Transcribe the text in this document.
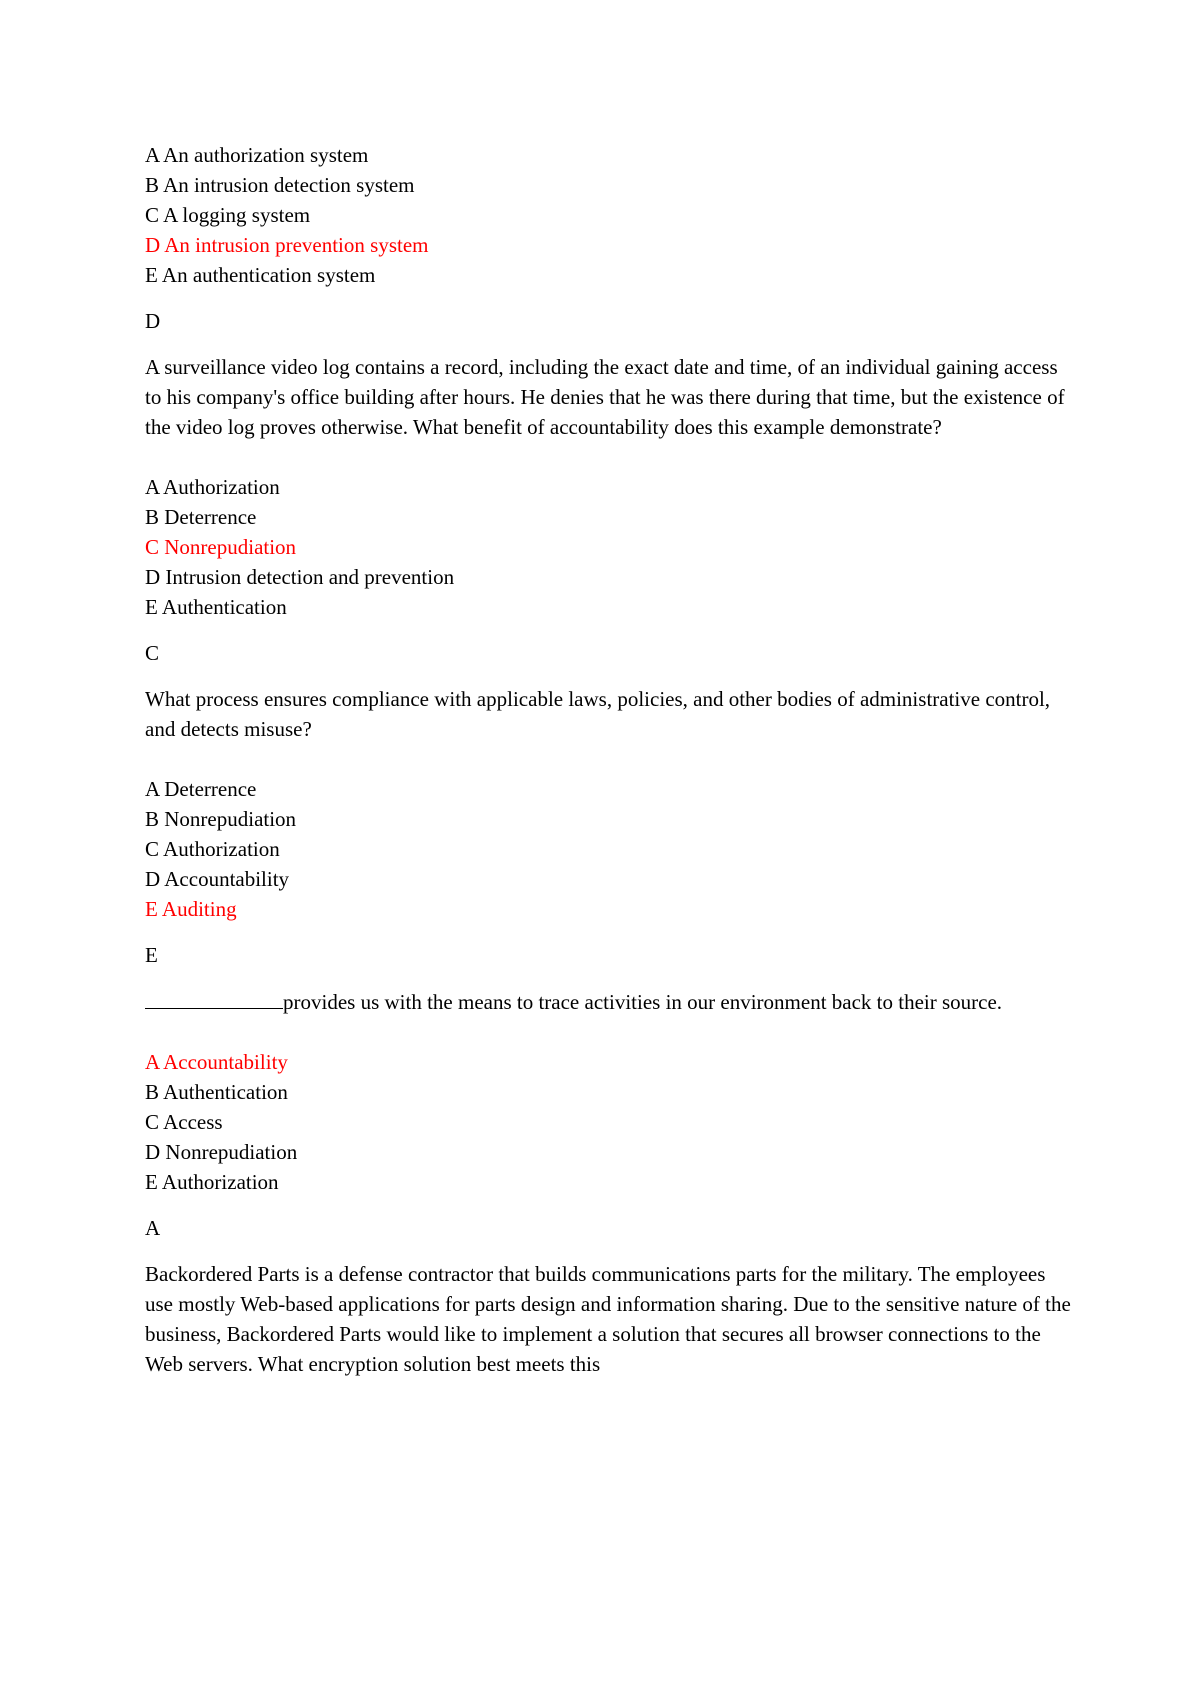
A An authorization system
B An intrusion detection system
C A logging system
D An intrusion prevention system
E An authentication system
D
A surveillance video log contains a record, including the exact date and time, of an individual gaining access to his company's office building after hours. He denies that he was there during that time, but the existence of the video log proves otherwise. What benefit of accountability does this example demonstrate?
A Authorization
B Deterrence
C Nonrepudiation
D Intrusion detection and prevention
E Authentication
C
What process ensures compliance with applicable laws, policies, and other bodies of administrative control, and detects misuse?
A Deterrence
B Nonrepudiation
C Authorization
D Accountability
E Auditing
E
provides us with the means to trace activities in our environment back to their source.
A Accountability
B Authentication
C Access
D Nonrepudiation
E Authorization
A
Backordered Parts is a defense contractor that builds communications parts for the military. The employees use mostly Web-based applications for parts design and information sharing. Due to the sensitive nature of the business, Backordered Parts would like to implement a solution that secures all browser connections to the Web servers. What encryption solution best meets this
